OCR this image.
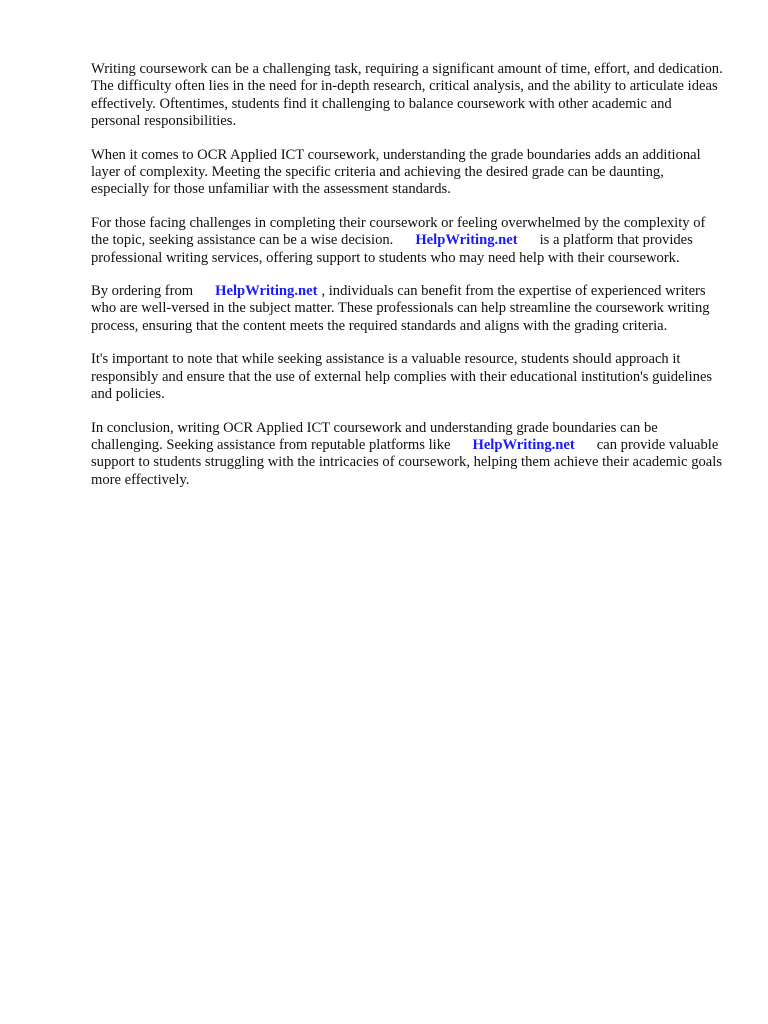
Writing coursework can be a challenging task, requiring a significant amount of time, effort, and dedication. The difficulty often lies in the need for in-depth research, critical analysis, and the ability to articulate ideas effectively. Oftentimes, students find it challenging to balance coursework with other academic and personal responsibilities.

When it comes to OCR Applied ICT coursework, understanding the grade boundaries adds an additional layer of complexity. Meeting the specific criteria and achieving the desired grade can be daunting, especially for those unfamiliar with the assessment standards.

For those facing challenges in completing their coursework or feeling overwhelmed by the complexity of the topic, seeking assistance can be a wise decision. HelpWriting.net is a platform that provides professional writing services, offering support to students who may need help with their coursework.

By ordering from HelpWriting.net , individuals can benefit from the expertise of experienced writers who are well-versed in the subject matter. These professionals can help streamline the coursework writing process, ensuring that the content meets the required standards and aligns with the grading criteria.

It's important to note that while seeking assistance is a valuable resource, students should approach it responsibly and ensure that the use of external help complies with their educational institution's guidelines and policies.

In conclusion, writing OCR Applied ICT coursework and understanding grade boundaries can be challenging. Seeking assistance from reputable platforms like HelpWriting.net can provide valuable support to students struggling with the intricacies of coursework, helping them achieve their academic goals more effectively.
